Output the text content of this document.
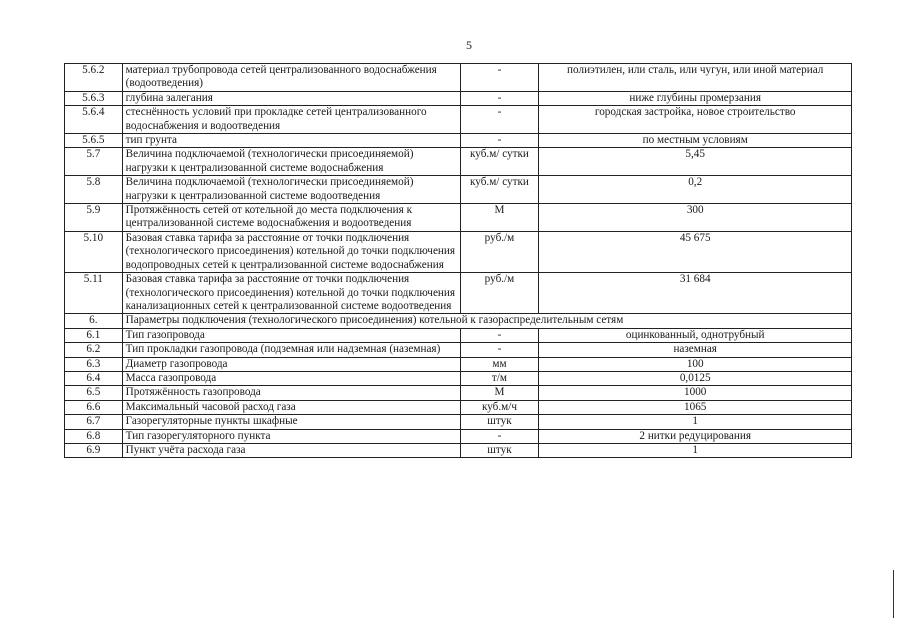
5
5.6.2	материал трубопровода сетей централизованного водоснабжения (водоотведения)	-	полиэтилен, или сталь, или чугун, или иной материал
5.6.3	глубина залегания	-	ниже глубины промерзания
5.6.4	стеснённость условий при прокладке сетей централизованного водоснабжения и водоотведения	-	городская застройка, новое строительство
5.6.5	тип грунта	-	по местным условиям
5.7	Величина подключаемой (технологически присоединяемой) нагрузки к централизованной системе водоснабжения	куб.м/ сутки	5,45
5.8	Величина подключаемой (технологически присоединяемой) нагрузки к централизованной системе водоотведения	куб.м/ сутки	0,2
5.9	Протяжённость сетей от котельной до места подключения к централизованной системе водоснабжения и водоотведения	М	300
5.10	Базовая ставка тарифа за расстояние от точки подключения (технологического присоединения) котельной до точки подключения водопроводных сетей к централизованной системе водоснабжения	руб./м	45 675
5.11	Базовая ставка тарифа за расстояние от точки подключения (технологического присоединения) котельной до точки подключения канализационных сетей к централизованной системе водоотведения	руб./м	31 684
6.	Параметры подключения (технологического присоединения) котельной к газораспределительным сетям		
6.1	Тип газопровода	-	оцинкованный, однотрубный
6.2	Тип прокладки газопровода (подземная или надземная (наземная)	-	наземная
6.3	Диаметр газопровода	мм	100
6.4	Масса газопровода	т/м	0,0125
6.5	Протяжённость газопровода	М	1000
6.6	Максимальный часовой расход газа	куб.м/ч	1065
6.7	Газорегуляторные пункты шкафные	штук	1
6.8	Тип газорегуляторного пункта	-	2 нитки редуцирования
6.9	Пункт учёта расхода газа	штук	1
